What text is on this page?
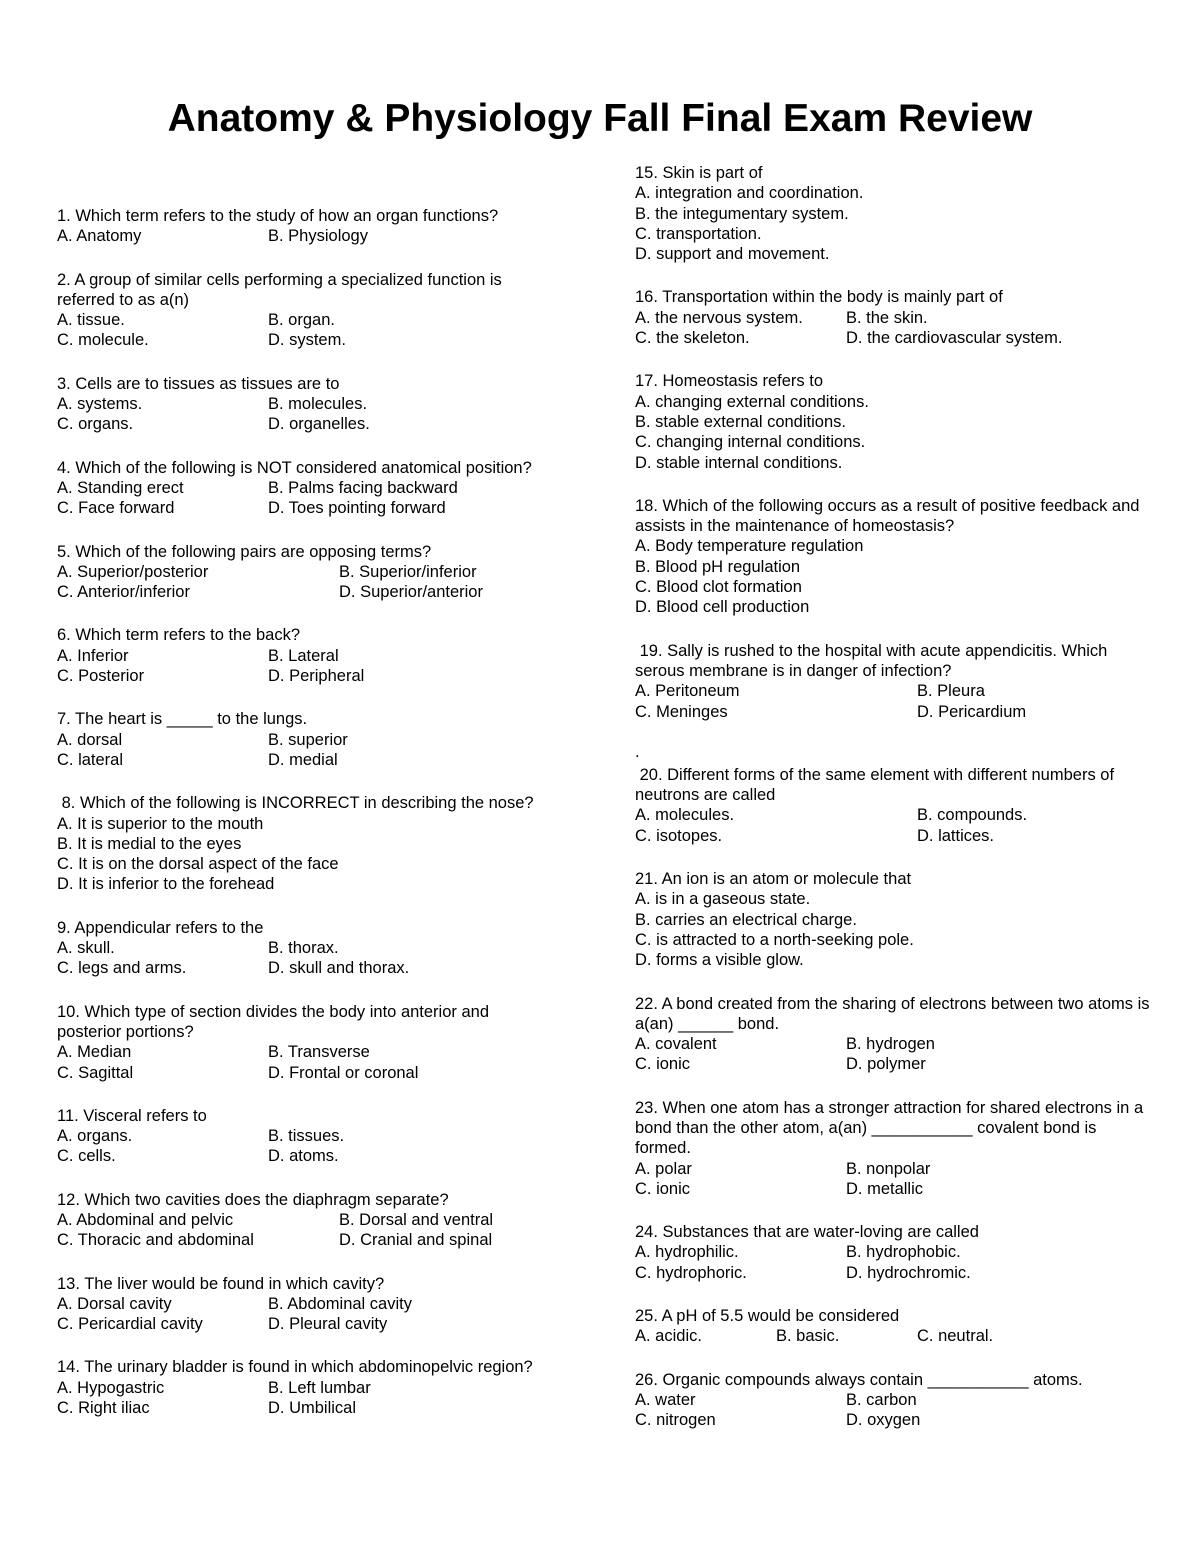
Anatomy & Physiology Fall Final Exam Review
1. Which term refers to the study of how an organ functions?
A. Anatomy	B. Physiology
2. A group of similar cells performing a specialized function is referred to as a(n)
A. tissue.	B. organ.
C. molecule.	D. system.
3. Cells are to tissues as tissues are to
A. systems.	B. molecules.
C. organs.	D. organelles.
4. Which of the following is NOT considered anatomical position?
A. Standing erect	B. Palms facing backward
C. Face forward	D. Toes pointing forward
5. Which of the following pairs are opposing terms?
A. Superior/posterior	B. Superior/inferior
C. Anterior/inferior	D. Superior/anterior
6. Which term refers to the back?
A. Inferior	B. Lateral
C. Posterior	D. Peripheral
7. The heart is _____ to the lungs.
A. dorsal	B. superior
C. lateral	D. medial
8. Which of the following is INCORRECT in describing the nose?
A. It is superior to the mouth
B. It is medial to the eyes
C. It is on the dorsal aspect of the face
D. It is inferior to the forehead
9. Appendicular refers to the
A. skull.	B. thorax.
C. legs and arms.	D. skull and thorax.
10. Which type of section divides the body into anterior and posterior portions?
A. Median	B. Transverse
C. Sagittal	D. Frontal or coronal
11. Visceral refers to
A. organs.	B. tissues.
C. cells.	D. atoms.
12. Which two cavities does the diaphragm separate?
A. Abdominal and pelvic	B. Dorsal and ventral
C. Thoracic and abdominal	D. Cranial and spinal
13. The liver would be found in which cavity?
A. Dorsal cavity	B. Abdominal cavity
C. Pericardial cavity	D. Pleural cavity
14. The urinary bladder is found in which abdominopelvic region?
A. Hypogastric	B. Left lumbar
C. Right iliac	D. Umbilical
15. Skin is part of
A. integration and coordination.
B. the integumentary system.
C. transportation.
D. support and movement.
16. Transportation within the body is mainly part of
A. the nervous system.	B. the skin.
C. the skeleton.	D. the cardiovascular system.
17. Homeostasis refers to
A. changing external conditions.
B. stable external conditions.
C. changing internal conditions.
D. stable internal conditions.
18. Which of the following occurs as a result of positive feedback and assists in the maintenance of homeostasis?
A. Body temperature regulation
B. Blood pH regulation
C. Blood clot formation
D. Blood cell production
19. Sally is rushed to the hospital with acute appendicitis. Which serous membrane is in danger of infection?
A. Peritoneum	B. Pleura
C. Meninges	D. Pericardium
.
20. Different forms of the same element with different numbers of neutrons are called
A. molecules.	B. compounds.
C. isotopes.	D. lattices.
21. An ion is an atom or molecule that
A. is in a gaseous state.
B. carries an electrical charge.
C. is attracted to a north-seeking pole.
D. forms a visible glow.
22. A bond created from the sharing of electrons between two atoms is a(an) ______ bond.
A. covalent	B. hydrogen
C. ionic	D. polymer
23. When one atom has a stronger attraction for shared electrons in a bond than the other atom, a(an) ___________ covalent bond is formed.
A. polar	B. nonpolar
C. ionic	D. metallic
24. Substances that are water-loving are called
A. hydrophilic.	B. hydrophobic.
C. hydrophoric.	D. hydrochromic.
25. A pH of 5.5 would be considered
A. acidic.	B. basic.	C. neutral.
26. Organic compounds always contain ___________ atoms.
A. water	B. carbon
C. nitrogen	D. oxygen
